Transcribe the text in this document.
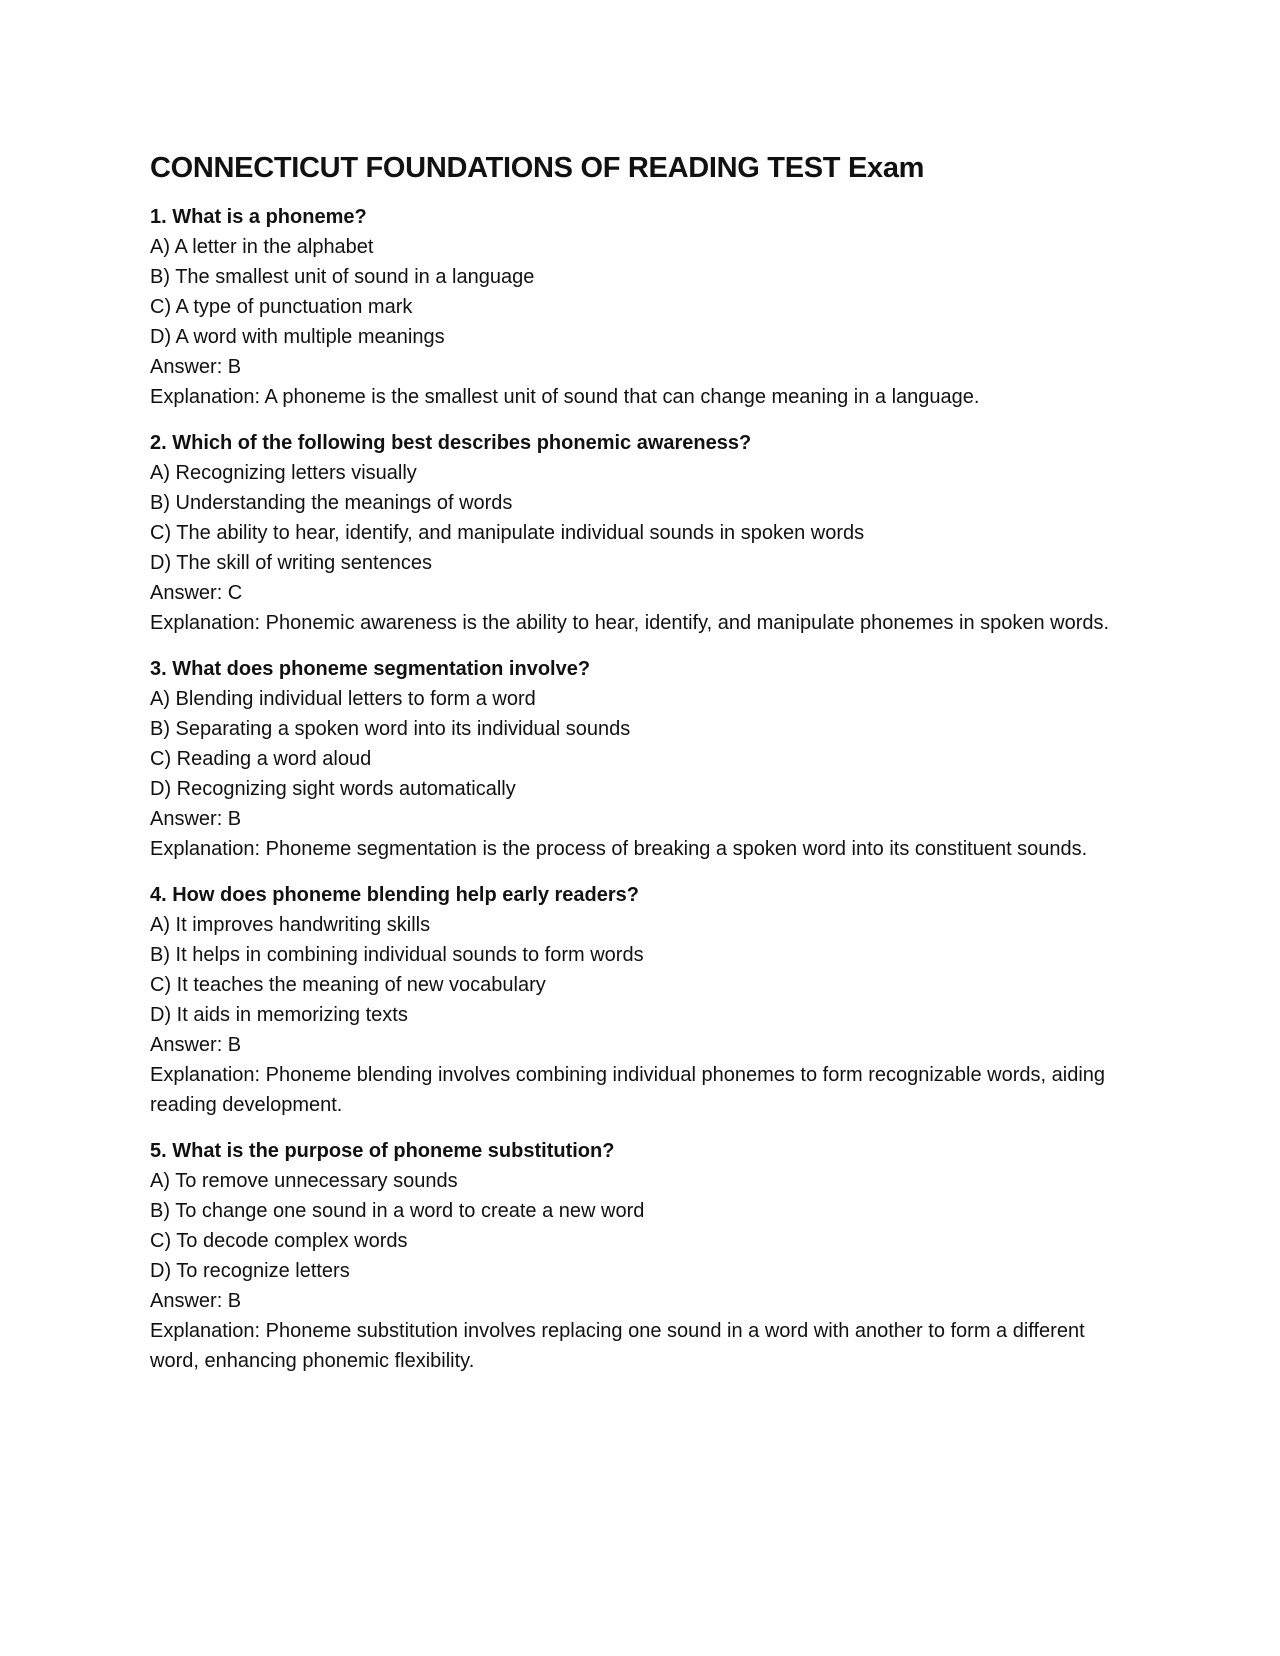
CONNECTICUT FOUNDATIONS OF READING TEST Exam

1. What is a phoneme?

A) A letter in the alphabet

B) The smallest unit of sound in a language

C) A type of punctuation mark

D) A word with multiple meanings

Answer: B

Explanation: A phoneme is the smallest unit of sound that can change meaning in a language.

2. Which of the following best describes phonemic awareness?

A) Recognizing letters visually

B) Understanding the meanings of words

C) The ability to hear, identify, and manipulate individual sounds in spoken words

D) The skill of writing sentences

Answer: C

Explanation: Phonemic awareness is the ability to hear, identify, and manipulate phonemes in spoken words.

3. What does phoneme segmentation involve?

A) Blending individual letters to form a word

B) Separating a spoken word into its individual sounds

C) Reading a word aloud

D) Recognizing sight words automatically

Answer: B

Explanation: Phoneme segmentation is the process of breaking a spoken word into its constituent sounds.

4. How does phoneme blending help early readers?

A) It improves handwriting skills

B) It helps in combining individual sounds to form words

C) It teaches the meaning of new vocabulary

D) It aids in memorizing texts

Answer: B

Explanation: Phoneme blending involves combining individual phonemes to form recognizable words, aiding reading development.

5. What is the purpose of phoneme substitution?

A) To remove unnecessary sounds

B) To change one sound in a word to create a new word

C) To decode complex words

D) To recognize letters

Answer: B

Explanation: Phoneme substitution involves replacing one sound in a word with another to form a different word, enhancing phonemic flexibility.
